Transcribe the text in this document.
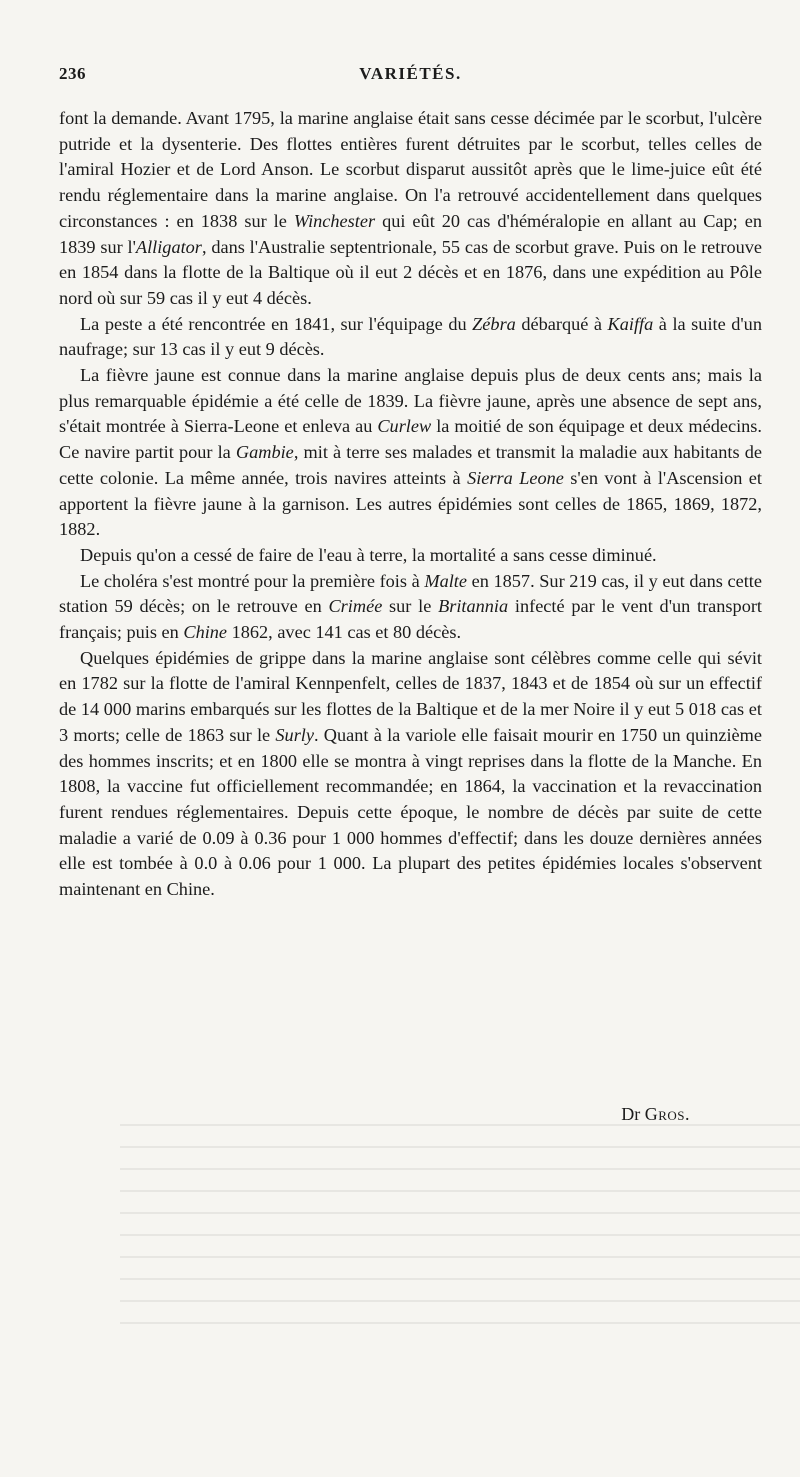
236	VARIÉTÉS.

font la demande. Avant 1795, la marine anglaise était sans cesse décimée par le scorbut, l'ulcère putride et la dysenterie. Des flottes entières furent détruites par le scorbut, telles celles de l'amiral Hozier et de Lord Anson. Le scorbut disparut aussitôt après que le lime-juice eût été rendu réglementaire dans la marine anglaise. On l'a retrouvé accidentellement dans quelques circonstances : en 1838 sur le Winchester qui eût 20 cas d'héméralopie en allant au Cap; en 1839 sur l'Alligator, dans l'Australie septentrionale, 55 cas de scorbut grave. Puis on le retrouve en 1854 dans la flotte de la Baltique où il eut 2 décès et en 1876, dans une expédition au Pôle nord où sur 59 cas il y eut 4 décès.

La peste a été rencontrée en 1841, sur l'équipage du Zébra débarqué à Kaiffa à la suite d'un naufrage; sur 13 cas il y eut 9 décès.

La fièvre jaune est connue dans la marine anglaise depuis plus de deux cents ans; mais la plus remarquable épidémie a été celle de 1839. La fièvre jaune, après une absence de sept ans, s'était montrée à Sierra-Leone et enleva au Curlew la moitié de son équipage et deux médecins. Ce navire partit pour la Gambie, mit à terre ses malades et transmit la maladie aux habitants de cette colonie. La même année, trois navires atteints à Sierra Leone s'en vont à l'Ascension et apportent la fièvre jaune à la garnison. Les autres épidémies sont celles de 1865, 1869, 1872, 1882.

Depuis qu'on a cessé de faire de l'eau à terre, la mortalité a sans cesse diminué.

Le choléra s'est montré pour la première fois à Malte en 1857. Sur 219 cas, il y eut dans cette station 59 décès; on le retrouve en Crimée sur le Britannia infecté par le vent d'un transport français; puis en Chine 1862, avec 141 cas et 80 décès.

Quelques épidémies de grippe dans la marine anglaise sont célèbres comme celle qui sévit en 1782 sur la flotte de l'amiral Kennpenfelt, celles de 1837, 1843 et de 1854 où sur un effectif de 14 000 marins embarqués sur les flottes de la Baltique et de la mer Noire il y eut 5 018 cas et 3 morts; celle de 1863 sur le Surly. Quant à la variole elle faisait mourir en 1750 un quinzième des hommes inscrits; et en 1800 elle se montra à vingt reprises dans la flotte de la Manche. En 1808, la vaccine fut officiellement recommandée; en 1864, la vaccination et la revaccination furent rendues réglementaires. Depuis cette époque, le nombre de décès par suite de cette maladie a varié de 0.09 à 0.36 pour 1 000 hommes d'effectif; dans les douze dernières années elle est tombée à 0.0 à 0.06 pour 1 000. La plupart des petites épidémies locales s'observent maintenant en Chine.

Dr Gros.
